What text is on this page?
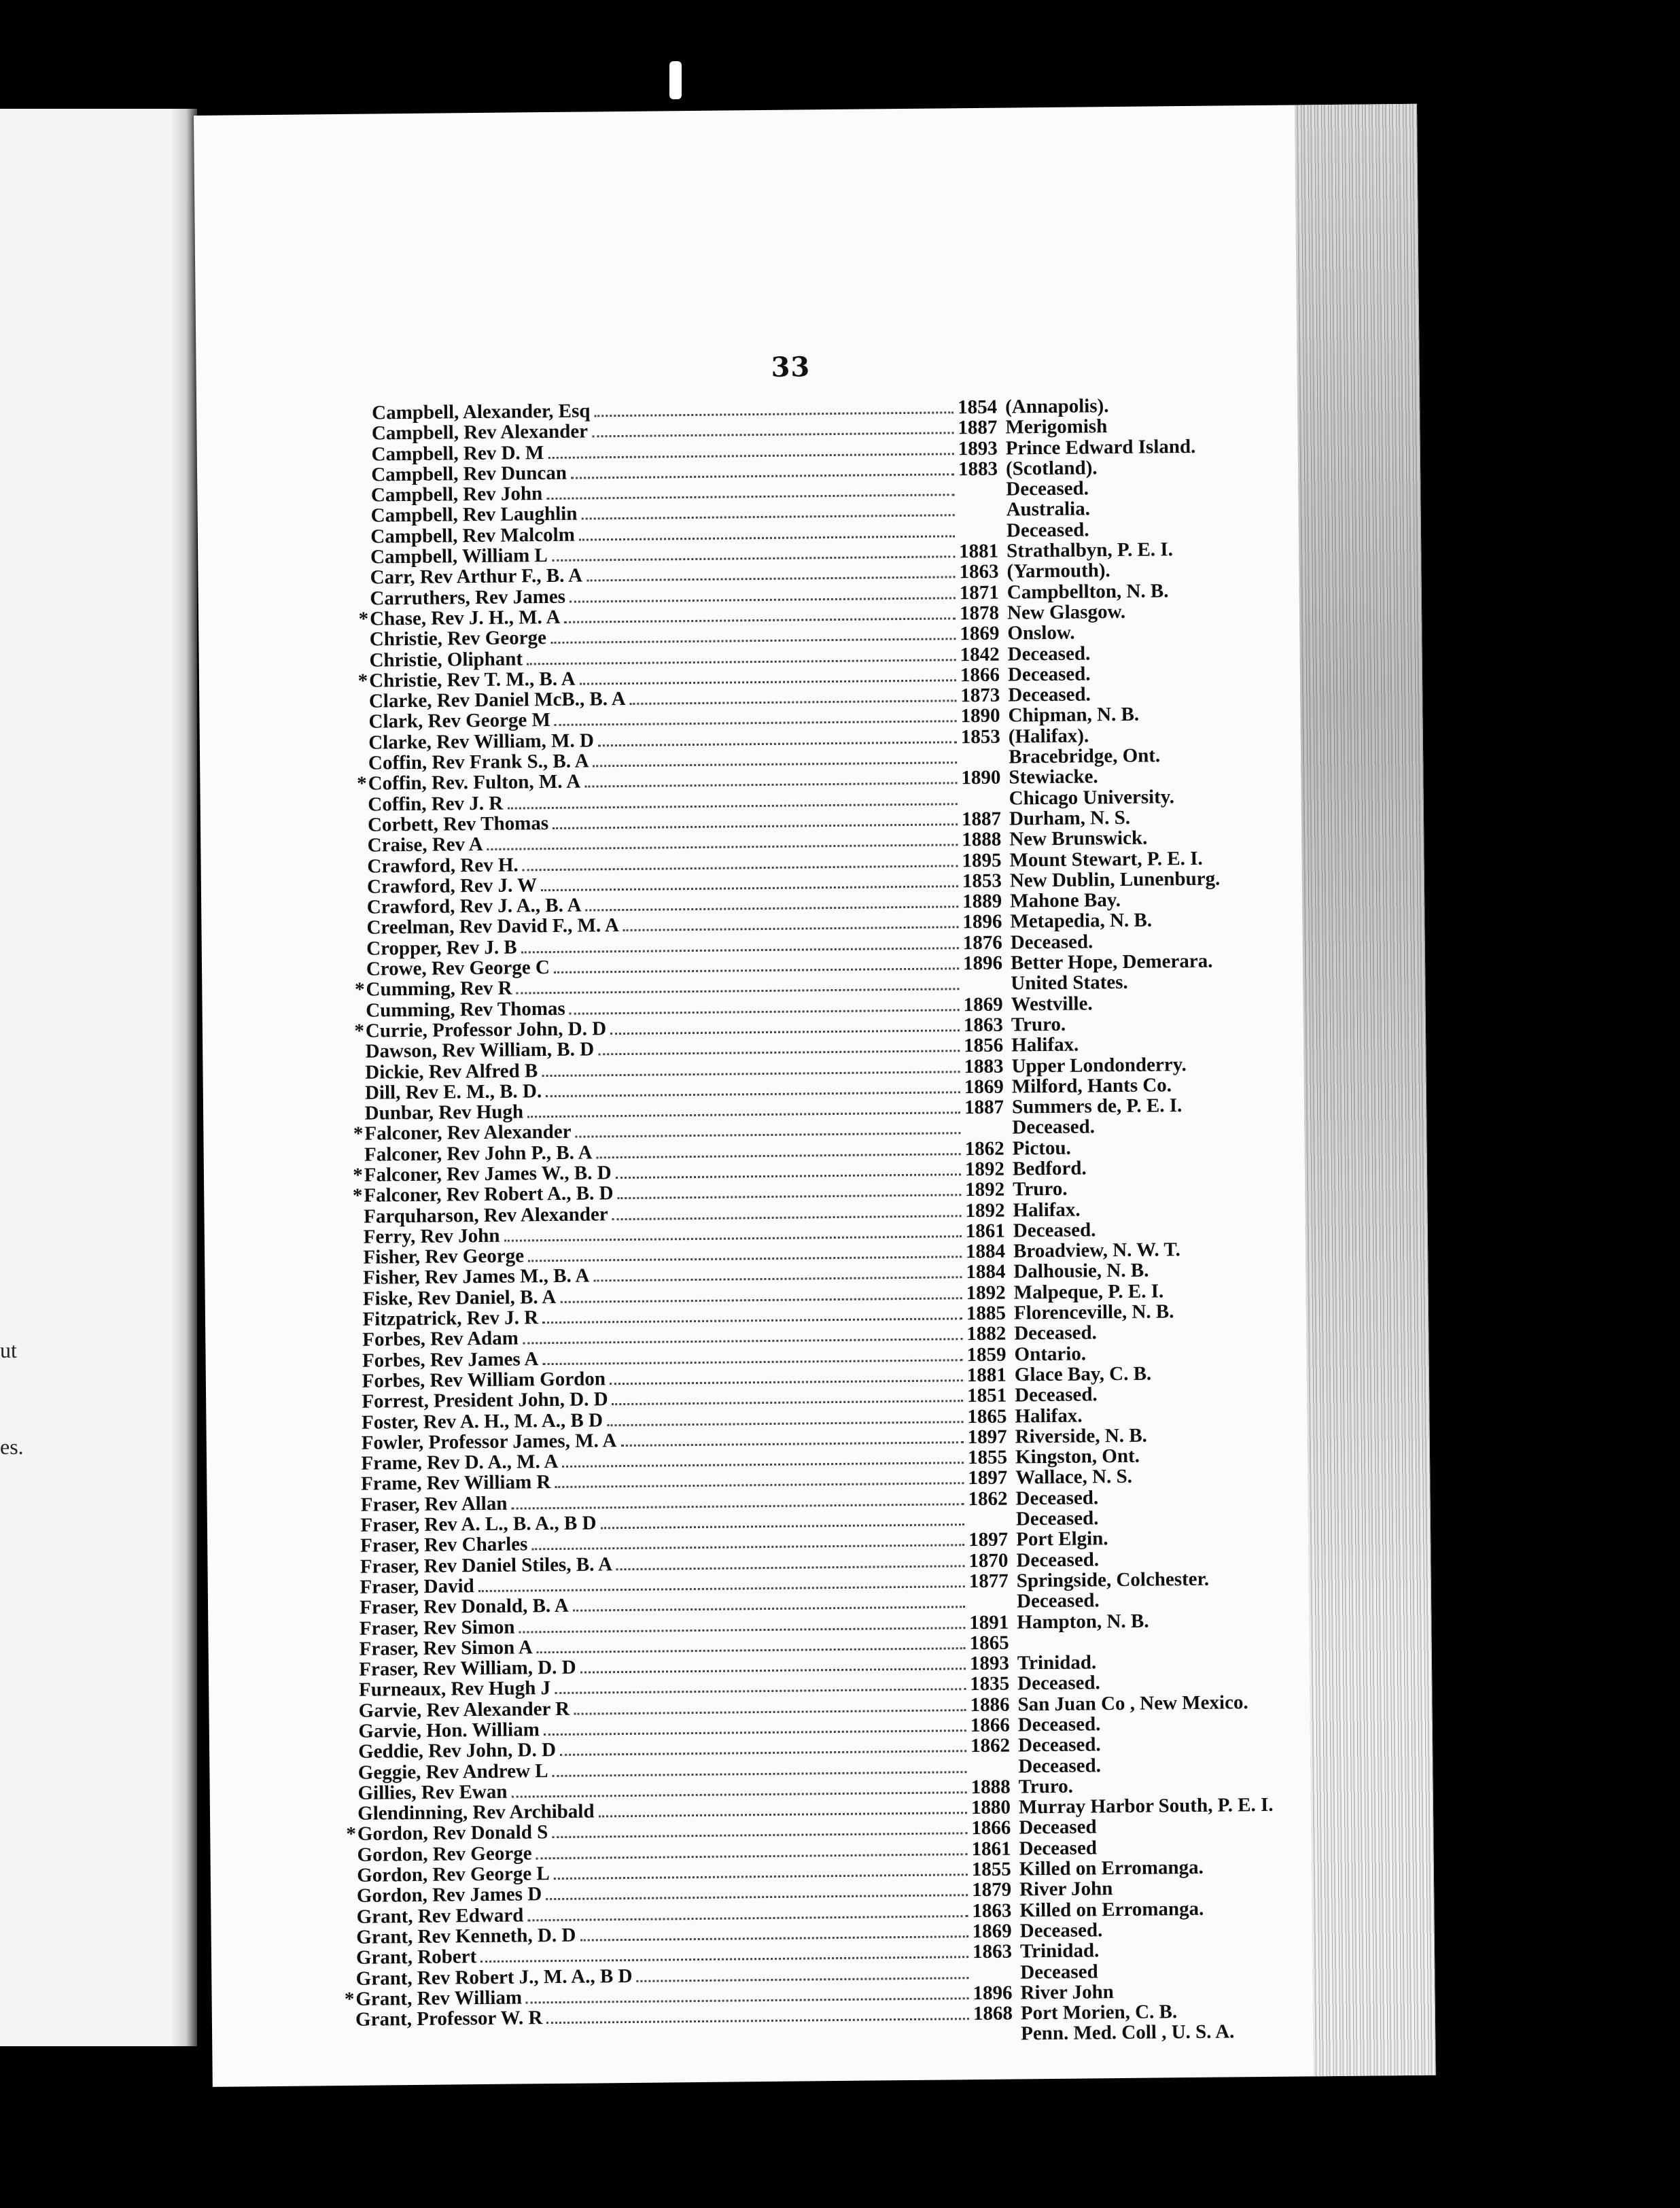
ut
es.
33
Campbell, Alexander, Esq	1854 (Annapolis).
Campbell, Rev Alexander	1887 Merigomish
Campbell, Rev D. M	1893 Prince Edward Island.
Campbell, Rev Duncan	1883 (Scotland).
Campbell, Rev John	Deceased.
Campbell, Rev Laughlin	Australia.
Campbell, Rev Malcolm	Deceased.
Campbell, William L	1881 Strathalbyn, P. E. I.
Carr, Rev Arthur F., B. A	1863 (Yarmouth).
Carruthers, Rev James	1871 Campbellton, N. B.
* Chase, Rev J. H., M. A	1878 New Glasgow.
Christie, Rev George	1869 Onslow.
Christie, Oliphant	1842 Deceased.
* Christie, Rev T. M., B. A	1866 Deceased.
Clarke, Rev Daniel McB., B. A	1873 Deceased.
Clark, Rev George M	1890 Chipman, N. B.
Clarke, Rev William, M. D	1853 (Halifax).
Coffin, Rev Frank S., B. A	Bracebridge, Ont.
* Coffin, Rev. Fulton, M. A	1890 Stewiacke.
Coffin, Rev J. R	Chicago University.
Corbett, Rev Thomas	1887 Durham, N. S.
Craise, Rev A	1888 New Brunswick.
Crawford, Rev H.	1895 Mount Stewart, P. E. I.
Crawford, Rev J. W	1853 New Dublin, Lunenburg.
Crawford, Rev J. A., B. A	1889 Mahone Bay.
Creelman, Rev David F., M. A	1896 Metapedia, N. B.
Cropper, Rev J. B	1876 Deceased.
Crowe, Rev George C	1896 Better Hope, Demerara.
* Cumming, Rev R	United States.
Cumming, Rev Thomas	1869 Westville.
* Currie, Professor John, D. D	1863 Truro.
Dawson, Rev William, B. D	1856 Halifax.
Dickie, Rev Alfred B	1883 Upper Londonderry.
Dill, Rev E. M., B. D.	1869 Milford, Hants Co.
Dunbar, Rev Hugh	1887 Summers de, P. E. I.
* Falconer, Rev Alexander	Deceased.
Falconer, Rev John P., B. A	1862 Pictou.
* Falconer, Rev James W., B. D	1892 Bedford.
* Falconer, Rev Robert A., B. D	1892 Truro.
Farquharson, Rev Alexander	1892 Halifax.
Ferry, Rev John	1861 Deceased.
Fisher, Rev George	1884 Broadview, N. W. T.
Fisher, Rev James M., B. A	1884 Dalhousie, N. B.
Fiske, Rev Daniel, B. A	1892 Malpeque, P. E. I.
Fitzpatrick, Rev J. R	1885 Florenceville, N. B.
Forbes, Rev Adam	1882 Deceased.
Forbes, Rev James A	1859 Ontario.
Forbes, Rev William Gordon	1881 Glace Bay, C. B.
Forrest, President John, D. D	1851 Deceased.
Foster, Rev A. H., M. A., B D	1865 Halifax.
Fowler, Professor James, M. A	1897 Riverside, N. B.
Frame, Rev D. A., M. A	1855 Kingston, Ont.
Frame, Rev William R	1897 Wallace, N. S.
Fraser, Rev Allan	1862 Deceased.
Fraser, Rev A. L., B. A., B D	Deceased.
Fraser, Rev Charles	1897 Port Elgin.
Fraser, Rev Daniel Stiles, B. A	1870 Deceased.
Fraser, David	1877 Springside, Colchester.
Fraser, Rev Donald, B. A	Deceased.
Fraser, Rev Simon	1891 Hampton, N. B.
Fraser, Rev Simon A	1865
Fraser, Rev William, D. D	1893 Trinidad.
Furneaux, Rev Hugh J	1835 Deceased.
Garvie, Rev Alexander R	1886 San Juan Co , New Mexico.
Garvie, Hon. William	1866 Deceased.
Geddie, Rev John, D. D	1862 Deceased.
Geggie, Rev Andrew L	Deceased.
Gillies, Rev Ewan	1888 Truro.
Glendinning, Rev Archibald	1880 Murray Harbor South, P. E. I.
* Gordon, Rev Donald S	1866 Deceased
Gordon, Rev George	1861 Deceased
Gordon, Rev George L	1855 Killed on Erromanga.
Gordon, Rev James D	1879 River John
Grant, Rev Edward	1863 Killed on Erromanga.
Grant, Rev Kenneth, D. D	1869 Deceased.
Grant, Robert	1863 Trinidad.
Grant, Rev Robert J., M. A., B D	Deceased
* Grant, Rev William	1896 River John
Grant, Professor W. R	1868 Port Morien, C. B.
Penn. Med. Coll , U. S. A.
